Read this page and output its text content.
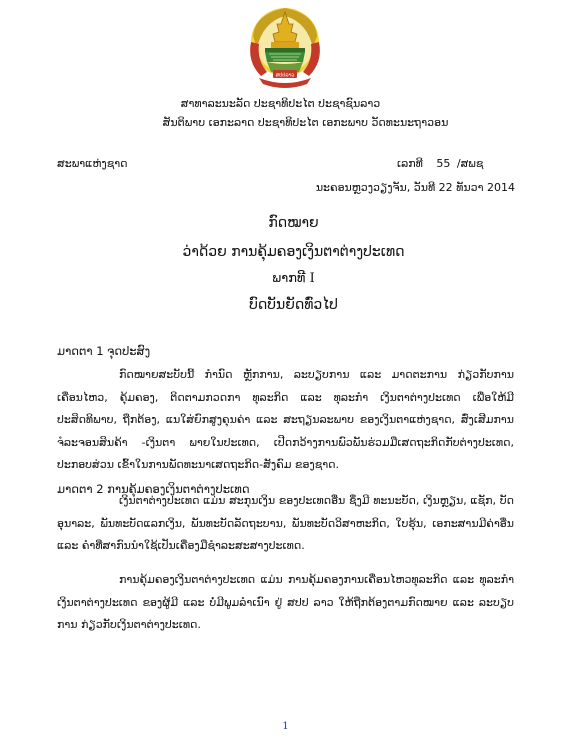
ສປປລາວ
ສາທາລະນະລັດ ປະຊາທິປະໄຕ ປະຊາຊົນລາວ
ສັນຕິພາບ ເອກະລາດ ປະຊາທິປະໄຕ ເອກະພາບ ວັດທະນະຖາວອນ
ສະພາແຫ່ງຊາດ	ເລກທີ 55 /ສພຊ
ນະຄອນຫຼວງວຽງຈັນ, ວັນທີ 22 ທັນວາ 2014
ກົດໝາຍ
ວ່າດ້ວຍ ການຄຸ້ມຄອງເງິນຕາຕ່າງປະເທດ
ພາກທີ I
ບົດບັນຍັດທົ່ວໄປ
ມາດຕາ 1 ຈຸດປະສົງ
ກົດໝາຍສະບັບນີ້ ກໍານົດ ຫຼັກການ, ລະບຽບການ ແລະ ມາດຕະການ ກ່ຽວກັບການເຄື່ອນໄຫວ, ຄຸ້ມຄອງ, ຕິດຕາມກວດກາ ທຸລະກິດ ແລະ ທຸລະກໍາ ເງິນຕາຕ່າງປະເທດ ເພື່ອໃຫ້ມີປະສິດທິພາບ, ຖືກຕ້ອງ, ແນໃສ່ຍົກສູງຄຸນຄ່າ ແລະ ສະຖຽນລະພາບ ຂອງເງິນຕາແຫ່ງຊາດ, ສົ່ງເສີມການຈໍລະຈອນສິນຄ້າ -ເງິນຕາ ພາຍໃນປະເທດ, ເປີດກວ້າງການພົວພັນຮ່ວມມືເສດຖະກິດກັບຕ່າງປະເທດ, ປະກອບສ່ວນ ເຂົ້າໃນການພັດທະນາເສດຖະກິດ-ສັງຄົມ ຂອງຊາດ.
ມາດຕາ 2 ການຄຸ້ມຄອງເງິນຕາຕ່າງປະເທດ
ເງິນຕາຕ່າງປະເທດ ແມ່ນ ສະກຸນເງິນ ຂອງປະເທດອື່ນ ຊຶ່ງມີ ທະນະບັດ, ເງິນຫຼຽນ, ແຊັກ, ບັດອຸນາລະ, ພັນທະບັດແລກເງິນ, ພັນທະບັດລັດຖະບານ, ພັນທະບັດວິສາຫະກິດ, ໃບຮຸ້ນ, ເອກະສານມີຄ່າອື່ນ ແລະ ຄໍາທີ່ສາກົນນໍາໃຊ້ເປັນເຄື່ອງມືຊໍາລະສະສາງປະເທດ.
ການຄຸ້ມຄອງເງິນຕາຕ່າງປະເທດ ແມ່ນ ການຄຸ້ມຄອງການເຄື່ອນໄຫວທຸລະກິດ ແລະ ທຸລະກໍາເງິນຕາຕ່າງປະເທດ ຂອງຜູ້ມີ ແລະ ບໍ່ມີພູມລໍາເນົາ ຢູ່ ສປປ ລາວ ໃຫ້ຖືກຕ້ອງຕາມກົດໝາຍ ແລະ ລະບຽບການ ກ່ຽວກັບເງິນຕາຕ່າງປະເທດ.
1
